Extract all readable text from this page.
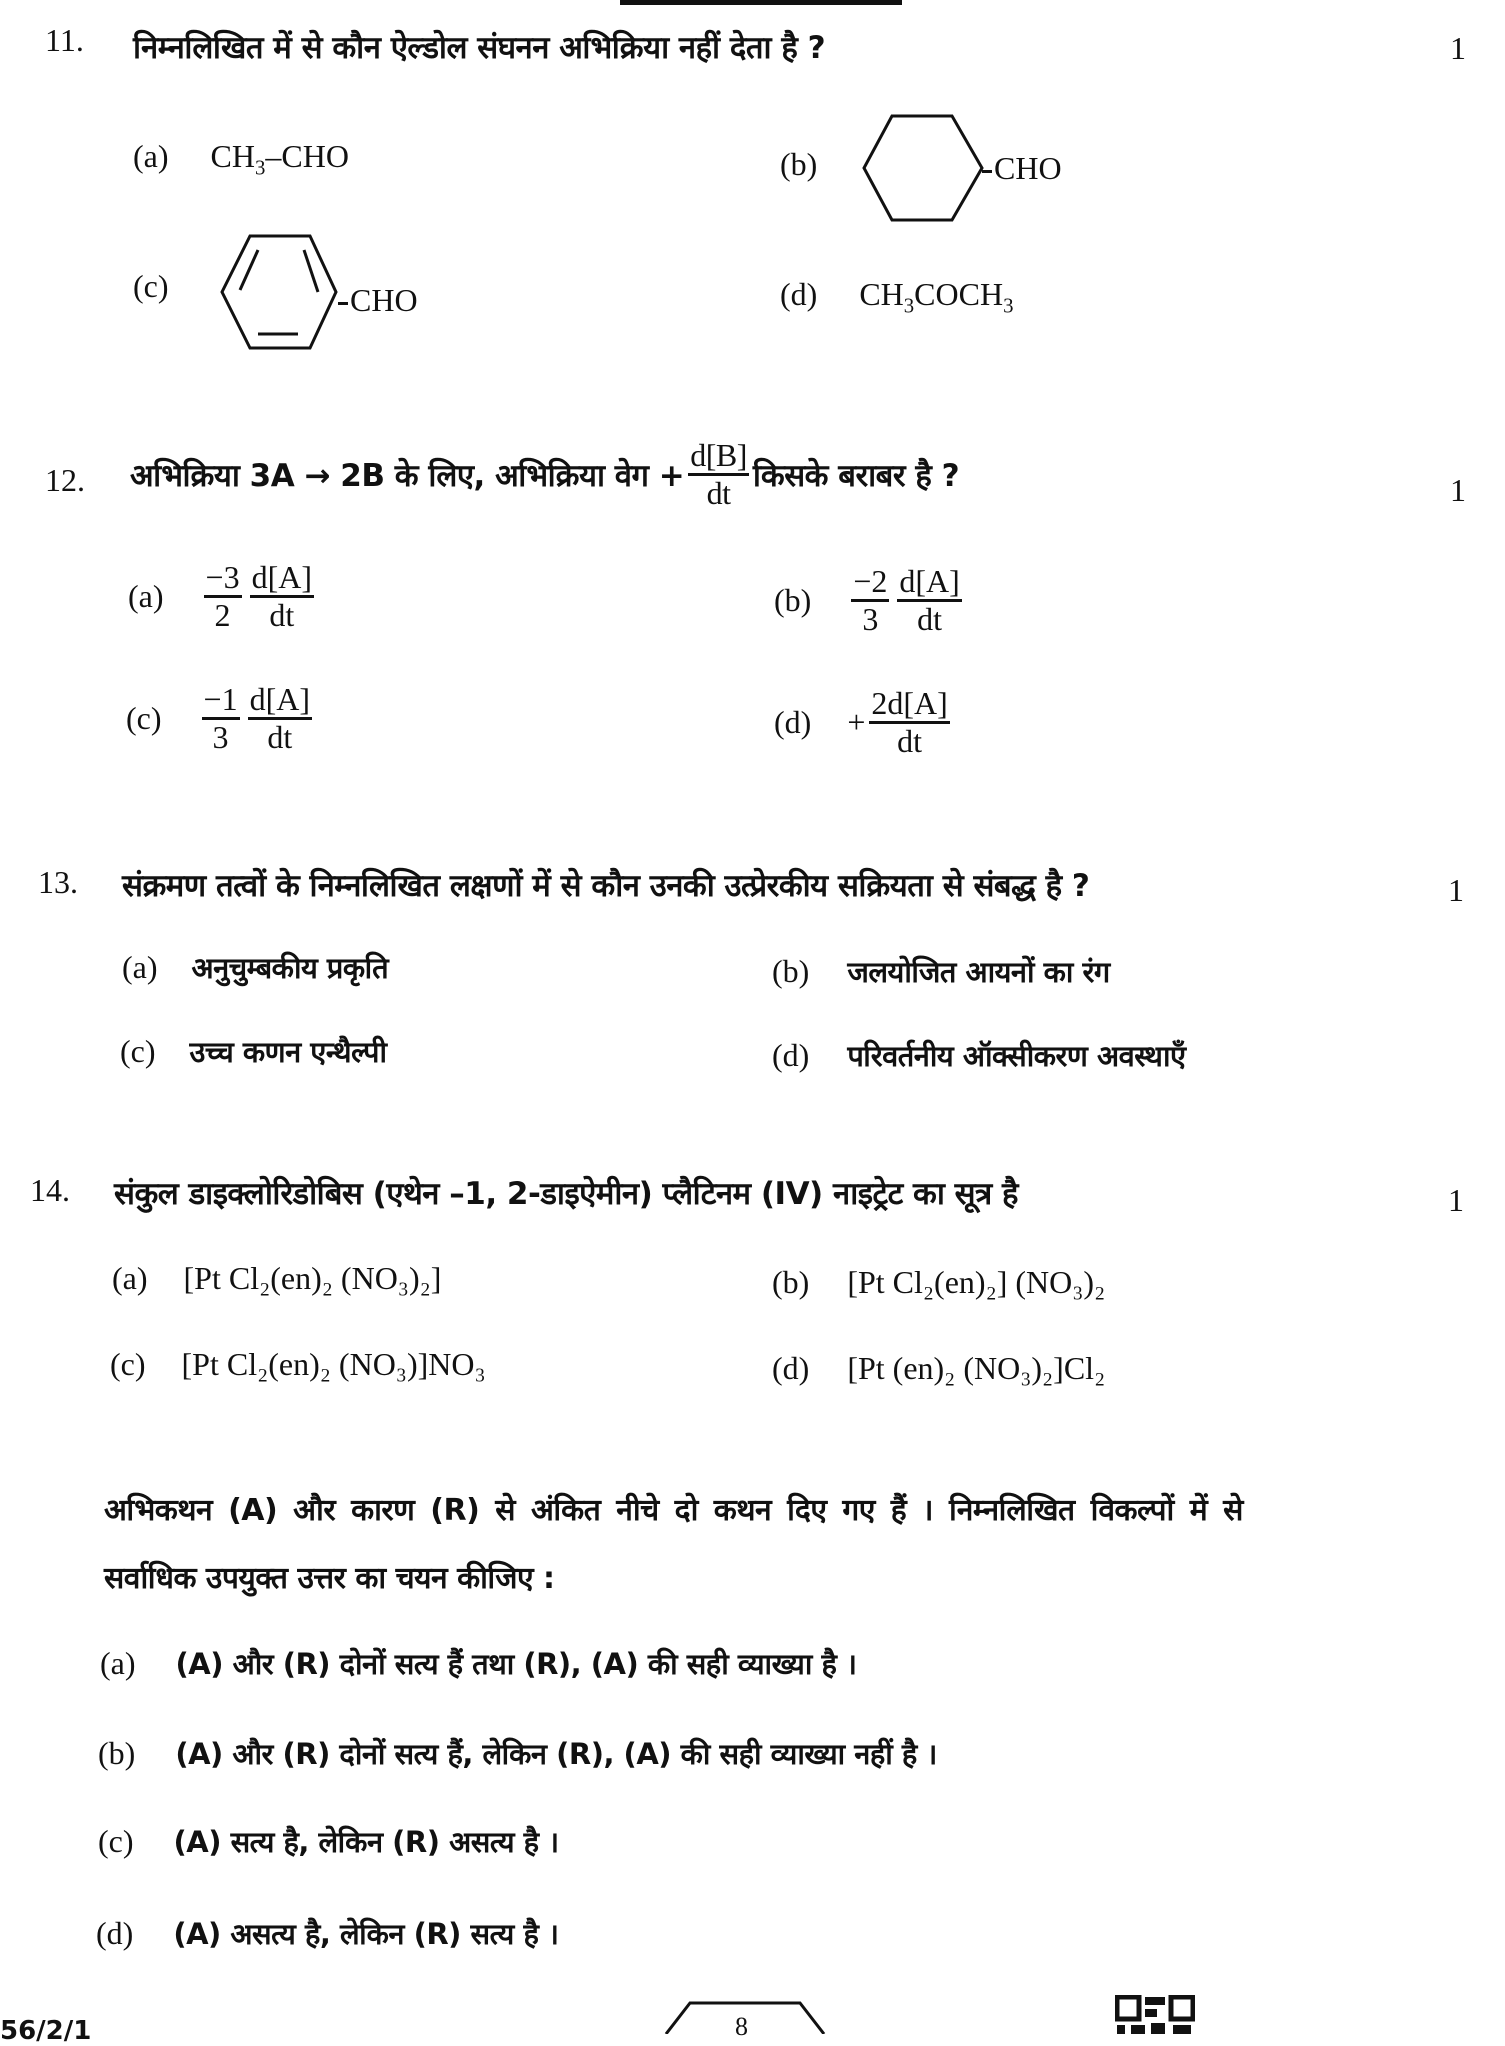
11. निम्नलिखित में से कौन ऐल्डोल संघनन अभिक्रिया नहीं देता है ?	1
(a) $CH_3$–CHO	(b)	CHO
(c)	CHO	(d) $CH_3COCH_3$
12. अभिक्रिया 3A → 2B के लिए, अभिक्रिया वेग + $\frac{d[B]}{dt}$ किसके बराबर है ?	1
$(a) \frac{-3}{2} \frac{d[A]}{dt}$	$(b) \frac{-2}{3} \frac{d[A]}{dt}$
$(c) \frac{-1}{3} \frac{d[A]}{dt}$	$(d) + \frac{2d[A]}{dt}$
13. संक्रमण तत्वों के निम्नलिखित लक्षणों में से कौन उनकी उत्प्रेरकीय सक्रियता से संबद्ध है ?	1
(a) अनुचुम्बकीय प्रकृति	(b) जलयोजित आयनों का रंग
(c) उच्च कणन एन्थैल्पी	(d) परिवर्तनीय ऑक्सीकरण अवस्थाएँ
14. संकुल डाइक्लोरिडोबिस (एथेन –1, 2-डाइऐमीन) प्लैटिनम (IV) नाइट्रेट का सूत्र है	1
(a) [Pt Cl₂(en)₂ (NO₃)₂]	(b) [Pt Cl₂(en)₂] (NO₃)₂
(c) [Pt Cl₂(en)₂ (NO₃)]NO₃	(d) [Pt (en)₂ (NO₃)₂]Cl₂
अभिकथन (A) और कारण (R) से अंकित नीचे दो कथन दिए गए हैं । निम्नलिखित विकल्पों में से
सर्वाधिक उपयुक्त उत्तर का चयन कीजिए :
(a) (A) और (R) दोनों सत्य हैं तथा (R), (A) की सही व्याख्या है ।
(b) (A) और (R) दोनों सत्य हैं, लेकिन (R), (A) की सही व्याख्या नहीं है ।
(c) (A) सत्य है, लेकिन (R) असत्य है ।
(d) (A) असत्य है, लेकिन (R) सत्य है ।
56/2/1	8
